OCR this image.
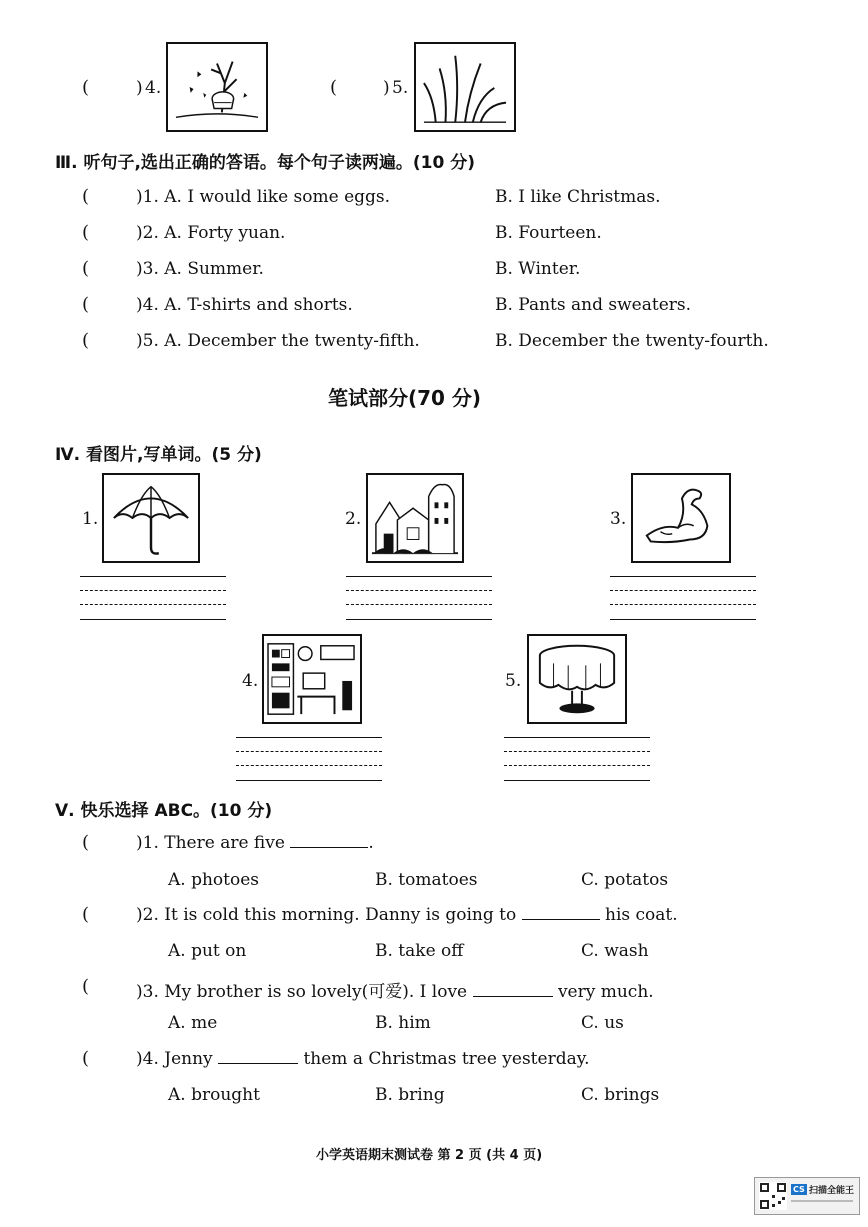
(	) 4.	(	) 5.
Ⅲ. 听句子,选出正确的答语。每个句子读两遍。(10 分)
(	)1. A. I would like some eggs.	B. I like Christmas.
(	)2. A. Forty yuan.	B. Fourteen.
(	)3. A. Summer.	B. Winter.
(	)4. A. T-shirts and shorts.	B. Pants and sweaters.
(	)5. A. December the twenty-fifth.	B. December the twenty-fourth.
笔试部分(70 分)
Ⅳ. 看图片,写单词。(5 分)
1.	2.	3.
4.	5.
Ⅴ. 快乐选择 ABC。(10 分)
(	)1. There are five	.
A. photoes	B. tomatoes	C. potatos
(	)2. It is cold this morning. Danny is going to	his coat.
A. put on	B. take off	C. wash
(	)3. My brother is so lovely(可爱). I love	very much.
A. me	B. him	C. us
(	)4. Jenny	them a Christmas tree yesterday.
A. brought	B. bring	C. brings
小学英语期末测试卷 第 2 页 (共 4 页)
CS 扫描全能王
